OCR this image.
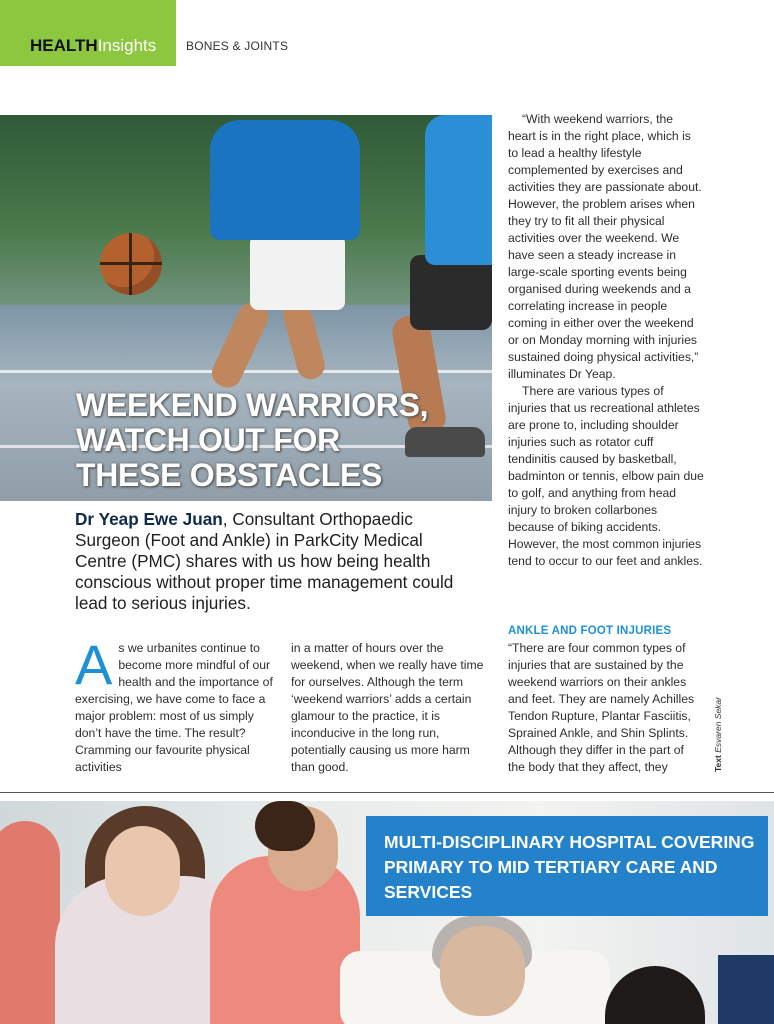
HEALTHInsights BONES & JOINTS
WEEKEND WARRIORS, WATCH OUT FOR THESE OBSTACLES

Dr Yeap Ewe Juan, Consultant Orthopaedic Surgeon (Foot and Ankle) in ParkCity Medical Centre (PMC) shares with us how being health conscious without proper time management could lead to serious injuries.

A s we urbanites continue to become more mindful of our health and the importance of exercising, we have come to face a major problem: most of us simply don’t have the time. The result? Cramming our favourite physical activities

in a matter of hours over the weekend, when we really have time for ourselves. Although the term ‘weekend warriors’ adds a certain glamour to the practice, it is inconducive in the long run, potentially causing us more harm than good.

“With weekend warriors, the heart is in the right place, which is to lead a healthy lifestyle complemented by exercises and activities they are passionate about. However, the problem arises when they try to fit all their physical activities over the weekend. We have seen a steady increase in large-scale sporting events being organised during weekends and a correlating increase in people coming in either over the weekend or on Monday morning with injuries sustained doing physical activities,” illuminates Dr Yeap.

There are various types of injuries that us recreational athletes are prone to, including shoulder injuries such as rotator cuff tendinitis caused by basketball, badminton or tennis, elbow pain due to golf, and anything from head injury to broken collarbones because of biking accidents. However, the most common injuries tend to occur to our feet and ankles.

ANKLE AND FOOT INJURIES

“There are four common types of injuries that are sustained by the weekend warriors on their ankles and feet. They are namely Achilles Tendon Rupture, Plantar Fasciitis, Sprained Ankle, and Shin Splints. Although they differ in the part of the body that they affect, they	Text Esvaren Sekar

MULTI-DISCIPLINARY HOSPITAL COVERING PRIMARY TO MID TERTIARY CARE AND SERVICES
